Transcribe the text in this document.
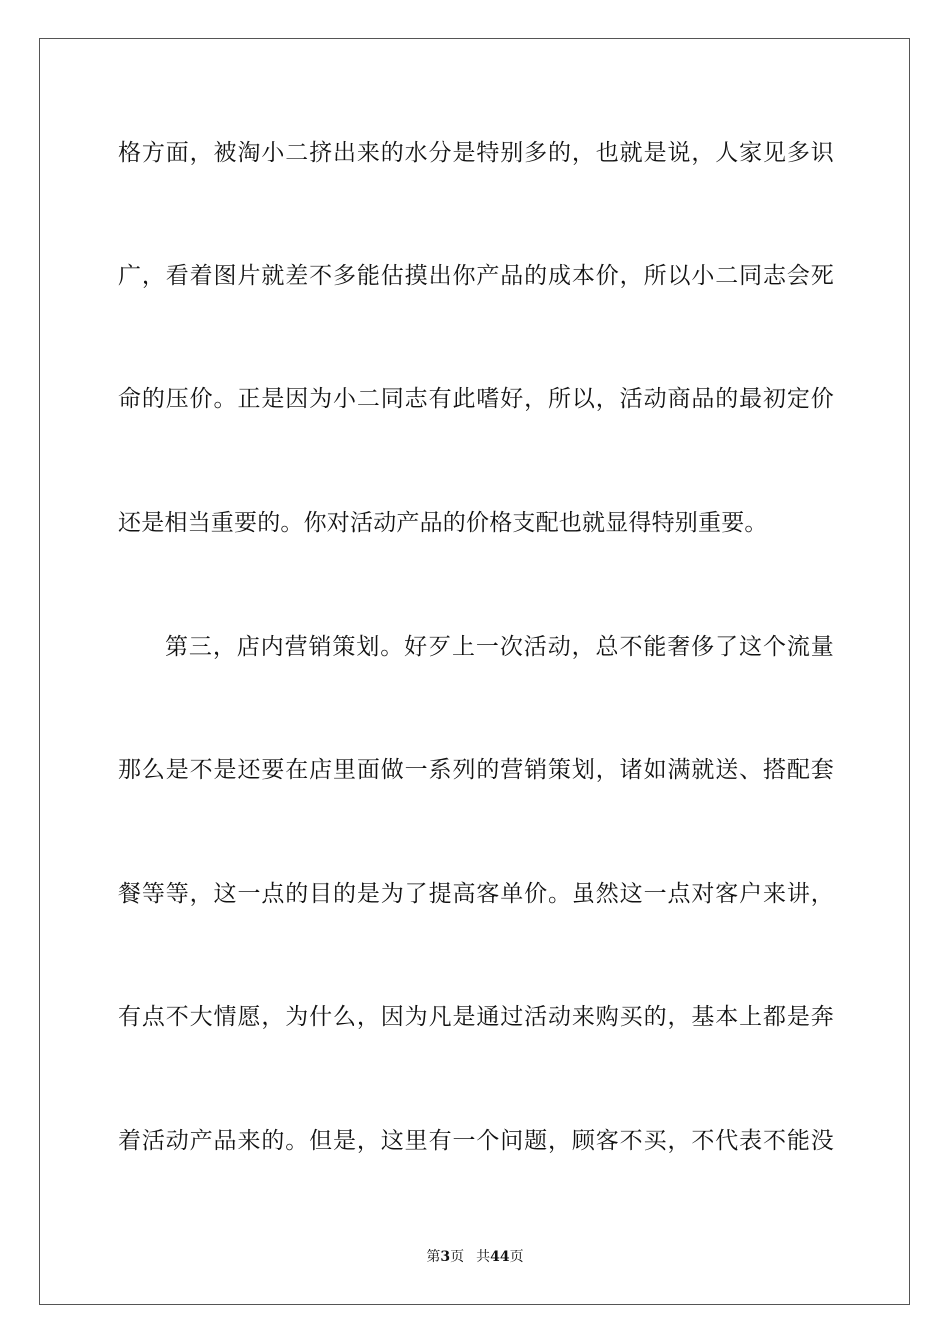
格方面，被淘小二挤出来的水分是特别多的，也就是说，人家见多识
广，看着图片就差不多能估摸出你产品的成本价，所以小二同志会死
命的压价。正是因为小二同志有此嗜好，所以，活动商品的最初定价
还是相当重要的。你对活动产品的价格支配也就显得特别重要。
第三，店内营销策划。好歹上一次活动，总不能奢侈了这个流量
那么是不是还要在店里面做一系列的营销策划，诸如满就送、搭配套
餐等等，这一点的目的是为了提高客单价。虽然这一点对客户来讲，
有点不大情愿，为什么，因为凡是通过活动来购买的，基本上都是奔
着活动产品来的。但是，这里有一个问题，顾客不买，不代表不能没
第3页 共44页
